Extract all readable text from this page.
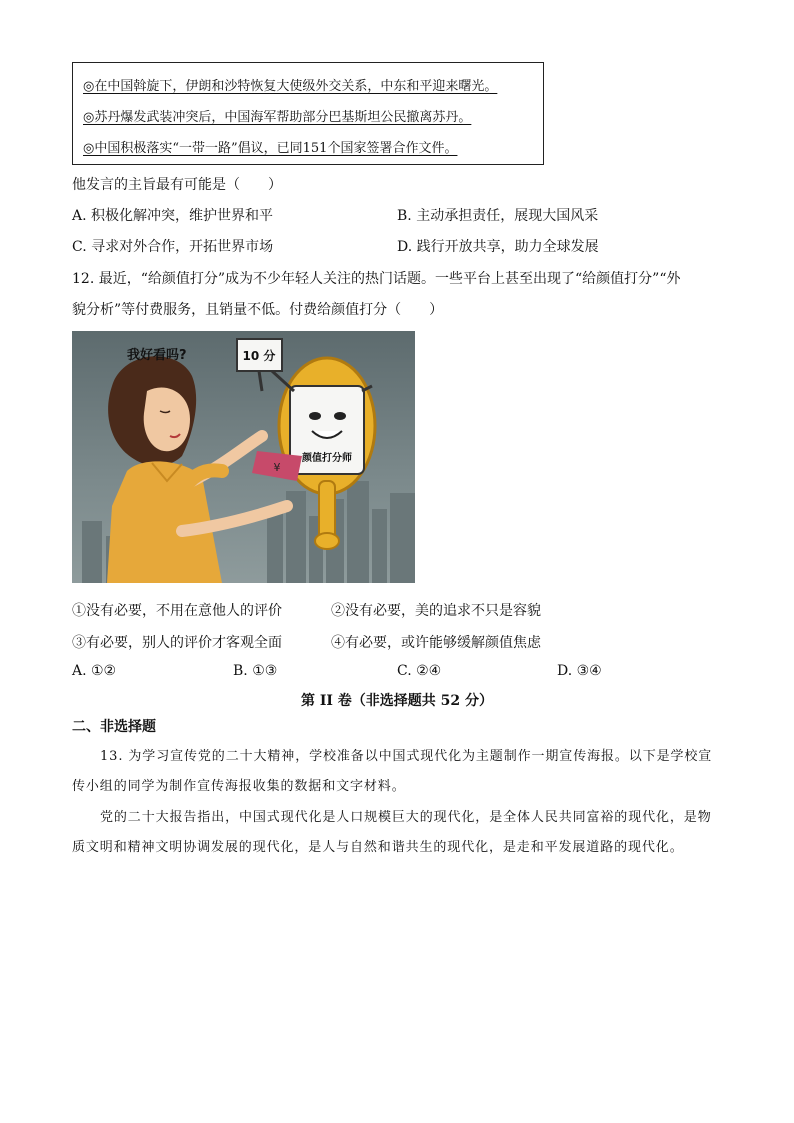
◎在中国斡旋下，伊朗和沙特恢复大使级外交关系，中东和平迎来曙光。
◎苏丹爆发武装冲突后，中国海军帮助部分巴基斯坦公民撤离苏丹。
◎中国积极落实“一带一路”倡议，已同151个国家签署合作文件。
他发言的主旨最有可能是（　　）
A. 积极化解冲突，维护世界和平	B. 主动承担责任，展现大国风采
C. 寻求对外合作，开拓世界市场	D. 践行开放共享，助力全球发展
12. 最近，“给颜值打分”成为不少年轻人关注的热门话题。一些平台上甚至出现了“给颜值打分”“外
貌分析”等付费服务，且销量不低。付费给颜值打分（　　）
10 分
我好看吗?
颜值打分师
¥
①没有必要，不用在意他人的评价	②没有必要，美的追求不只是容貌
③有必要，别人的评价才客观全面	④有必要，或许能够缓解颜值焦虑
A. ①②	B. ①③	C. ②④	D. ③④
第 II 卷（非选择题共 52 分）
二、非选择题
13. 为学习宣传党的二十大精神，学校准备以中国式现代化为主题制作一期宣传海报。以下是学校宣
传小组的同学为制作宣传海报收集的数据和文字材料。
党的二十大报告指出，中国式现代化是人口规模巨大的现代化，是全体人民共同富裕的现代化，是物
质文明和精神文明协调发展的现代化，是人与自然和谐共生的现代化，是走和平发展道路的现代化。
